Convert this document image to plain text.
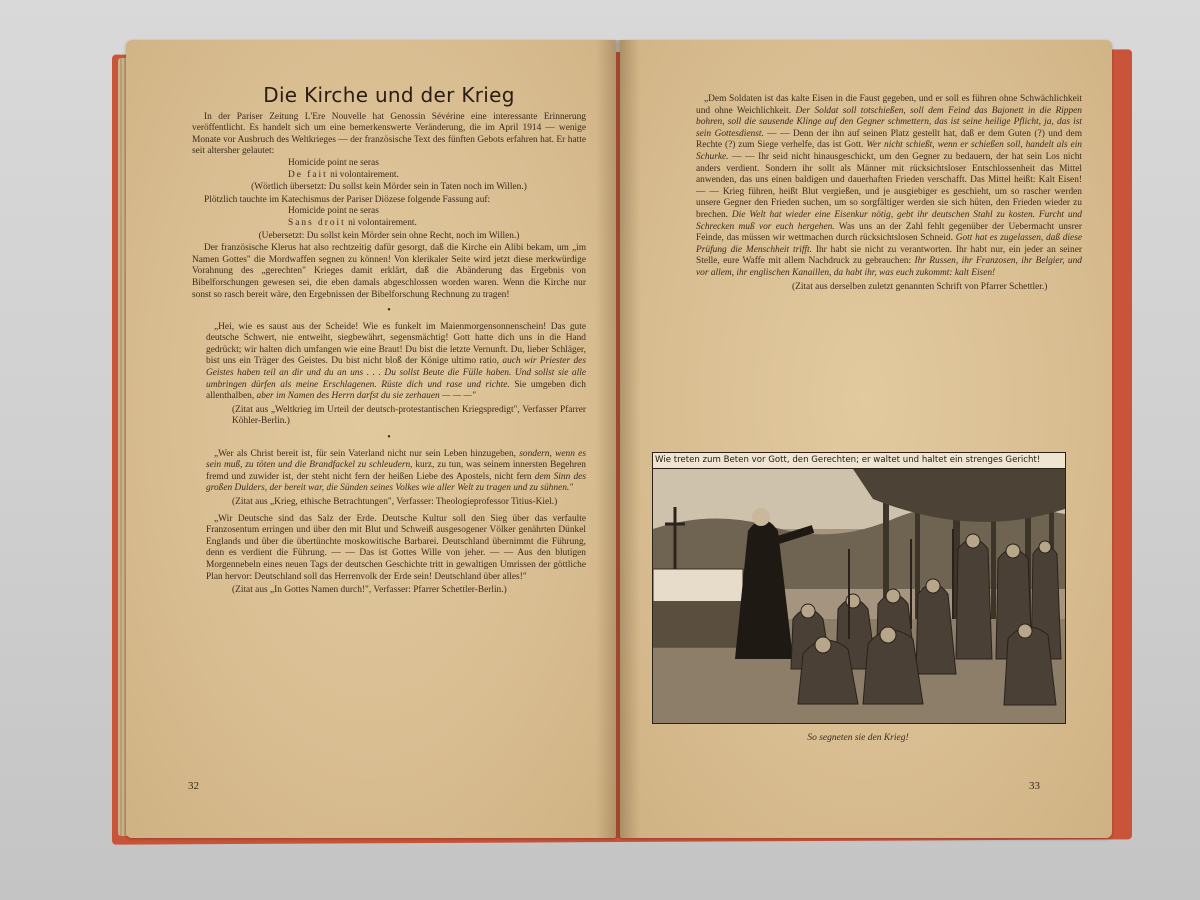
Die Kirche und der Krieg

In der Pariser Zeitung L'Ere Nouvelle hat Genossin Sévérine eine interessante Erinnerung veröffentlicht. Es handelt sich um eine bemerkenswerte Veränderung, die im April 1914 — wenige Monate vor Ausbruch des Weltkrieges — der französische Text des fünften Gebots erfahren hat. Er hatte seit altersher gelautet:

Homicide point ne seras

De fait ni volontairement.

(Wörtlich übersetzt: Du sollst kein Mörder sein in Taten noch im Willen.)

Plötzlich tauchte im Katechismus der Pariser Diözese folgende Fassung auf:

Homicide point ne seras

Sans droit ni volontairement.

(Uebersetzt: Du sollst kein Mörder sein ohne Recht, noch im Willen.)

Der französische Klerus hat also rechtzeitig dafür gesorgt, daß die Kirche ein Alibi bekam, um „im Namen Gottes" die Mordwaffen segnen zu können! Von klerikaler Seite wird jetzt diese merkwürdige Vorahnung des „gerechten" Krieges damit erklärt, daß die Abänderung das Ergebnis von Bibelforschungen gewesen sei, die eben damals abgeschlossen worden waren. Wenn die Kirche nur sonst so rasch bereit wäre, den Ergebnissen der Bibelforschung Rechnung zu tragen!

•

„Hei, wie es saust aus der Scheide! Wie es funkelt im Maienmorgensonnenschein! Das gute deutsche Schwert, nie entweiht, siegbewährt, segensmächtig! Gott hatte dich uns in die Hand gedrückt; wir halten dich umfangen wie eine Braut! Du bist die letzte Vernunft. Du, lieber Schläger, bist uns ein Träger des Geistes. Du bist nicht bloß der Könige ultimo ratio, auch wir Priester des Geistes haben teil an dir und du an uns . . . Du sollst Beute die Fülle haben. Und sollst sie alle umbringen dürfen als meine Erschlagenen. Rüste dich und rase und richte. Sie umgeben dich allenthalben, aber im Namen des Herrn darfst du sie zerhauen — — —"

(Zitat aus „Weltkrieg im Urteil der deutsch-protestantischen Kriegspredigt", Verfasser Pfarrer Köhler-Berlin.)

•

„Wer als Christ bereit ist, für sein Vaterland nicht nur sein Leben hinzugeben, sondern, wenn es sein muß, zu töten und die Brandfackel zu schleudern, kurz, zu tun, was seinem innersten Begehren fremd und zuwider ist, der steht nicht fern der heißen Liebe des Apostels, nicht fern dem Sinn des großen Dulders, der bereit war, die Sünden seines Volkes wie aller Welt zu tragen und zu sühnen."

(Zitat aus „Krieg, ethische Betrachtungen", Verfasser: Theologieprofessor Titius-Kiel.)

„Wir Deutsche sind das Salz der Erde. Deutsche Kultur soll den Sieg über das verfaulte Franzosentum erringen und über den mit Blut und Schweiß ausgesogener Völker genährten Dünkel Englands und über die übertünchte moskowitische Barbarei. Deutschland übernimmt die Führung, denn es verdient die Führung. — — Das ist Gottes Wille von jeher. — — Aus den blutigen Morgennebeln eines neuen Tags der deutschen Geschichte tritt in gewaltigen Umrissen der göttliche Plan hervor: Deutschland soll das Herrenvolk der Erde sein! Deutschland über alles!"

(Zitat aus „In Gottes Namen durch!", Verfasser: Pfarrer Schettler-Berlin.)

32

„Dem Soldaten ist das kalte Eisen in die Faust gegeben, und er soll es führen ohne Schwächlichkeit und ohne Weichlichkeit. Der Soldat soll totschießen, soll dem Feind das Bajonett in die Rippen bohren, soll die sausende Klinge auf den Gegner schmettern, das ist seine heilige Pflicht, ja, das ist sein Gottesdienst. — — Denn der ihn auf seinen Platz gestellt hat, daß er dem Guten (?) und dem Rechte (?) zum Siege verhelfe, das ist Gott. Wer nicht schießt, wenn er schießen soll, handelt als ein Schurke. — — Ihr seid nicht hinausgeschickt, um den Gegner zu bedauern, der hat sein Los nicht anders verdient. Sondern ihr sollt als Männer mit rücksichtsloser Entschlossenheit das Mittel anwenden, das uns einen baldigen und dauerhaften Frieden verschafft. Das Mittel heißt: Kalt Eisen! — — Krieg führen, heißt Blut vergießen, und je ausgiebiger es geschieht, um so rascher werden unsere Gegner den Frieden suchen, um so sorgfältiger werden sie sich hüten, den Frieden wieder zu brechen. Die Welt hat wieder eine Eisenkur nötig, gebt ihr deutschen Stahl zu kosten. Furcht und Schrecken muß vor euch hergehen. Was uns an der Zahl fehlt gegenüber der Uebermacht unsrer Feinde, das müssen wir wettmachen durch rücksichtslosen Schneid. Gott hat es zugelassen, daß diese Prüfung die Menschheit trifft. Ihr habt sie nicht zu verantworten. Ihr habt nur, ein jeder an seiner Stelle, eure Waffe mit allem Nachdruck zu gebrauchen: Ihr Russen, ihr Franzosen, ihr Belgier, und vor allem, ihr englischen Kanaillen, da habt ihr, was euch zukommt: kalt Eisen!

(Zitat aus derselben zuletzt genannten Schrift von Pfarrer Schettler.)

Wie treten zum Beten vor Gott, den Gerechten; er waltet und haltet ein strenges Gericht!
So segneten sie den Krieg!
33
